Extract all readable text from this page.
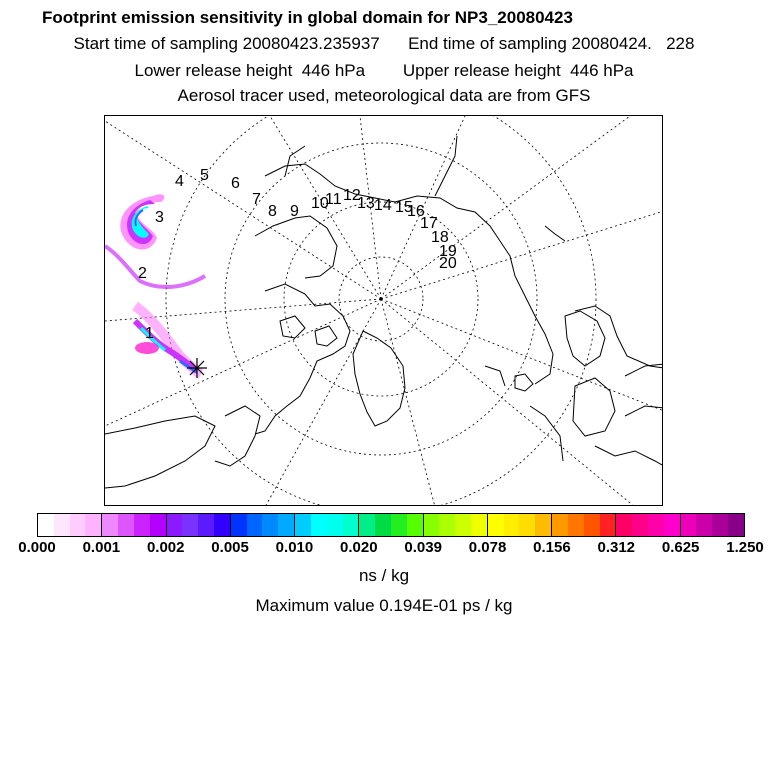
Footprint emission sensitivity in global domain for NP3_20080423
Start time of sampling 20080423.235937      End time of sampling 20080424.   228
Lower release height  446 hPa        Upper release height  446 hPa
Aerosol tracer used, meteorological data are from GFS
1
2
3
4 5 6
7
8 9 10
11 12
13 14 15
16
17
18
19
20
0.000 0.001 0.002 0.005 0.010 0.020 0.039 0.078 0.156 0.312 0.625 1.250
ns / kg
Maximum value 0.194E-01 ps / kg
